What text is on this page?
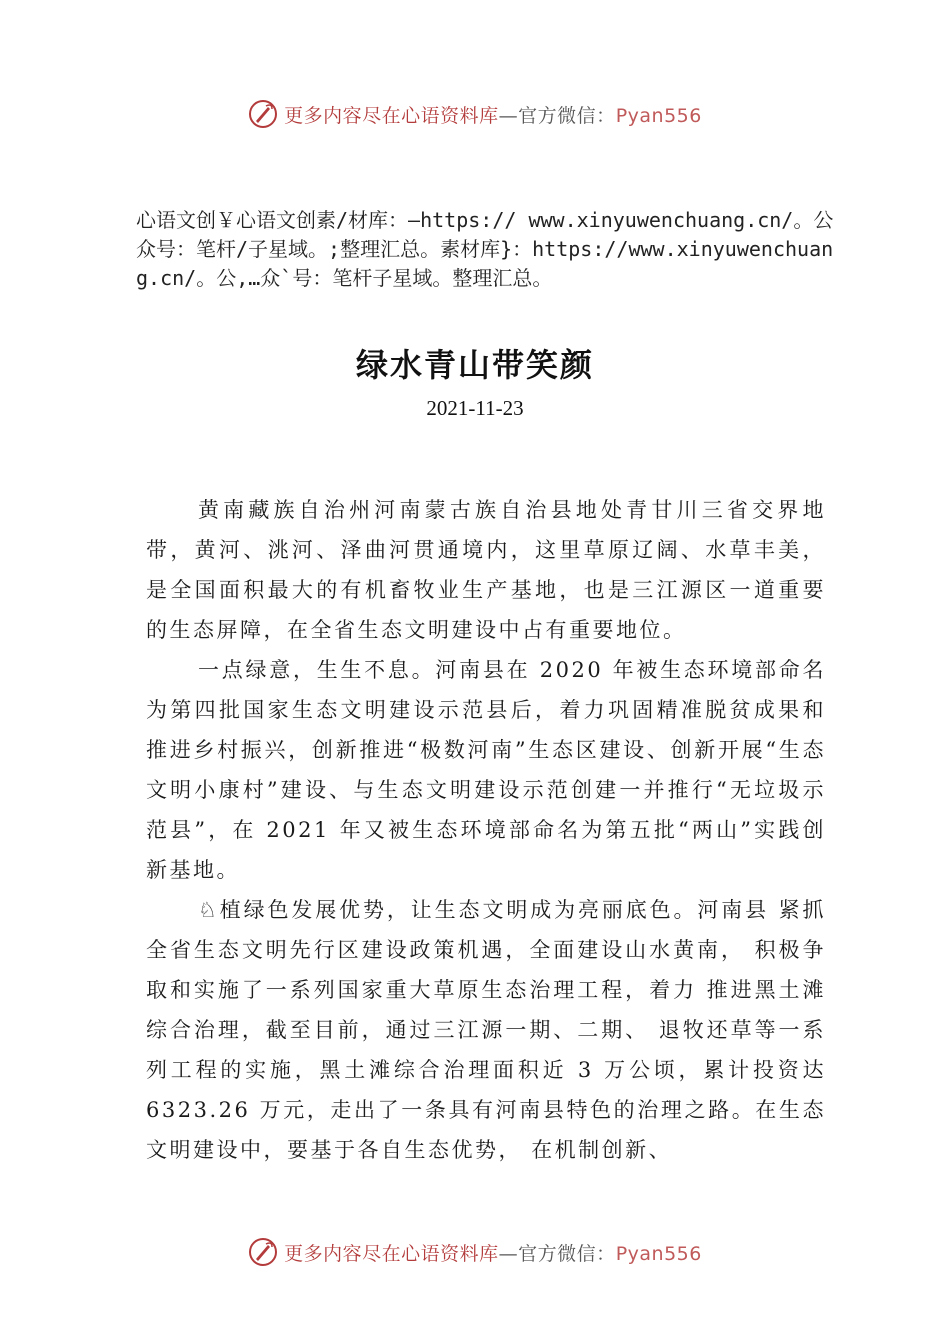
更多内容尽在心语资料库—官方微信：Pyan556
心语文创￥心语文创素/材库：—https:// www.xinyuwenchuang.cn/。公众号：笔杆/子星域。;整理汇总。素材库}：https://www.xinyuwenchuang.cn/。公,…众`号：笔杆子星域。整理汇总。
绿水青山带笑颜
2021-11-23

黄南藏族自治州河南蒙古族自治县地处青甘川三省交界地带，黄河、洮河、泽曲河贯通境内，这里草原辽阔、水草丰美，是全国面积最大的有机畜牧业生产基地，也是三江源区一道重要的生态屏障，在全省生态文明建设中占有重要地位。

一点绿意，生生不息。河南县在 2020 年被生态环境部命名为第四批国家生态文明建设示范县后，着力巩固精准脱贫成果和推进乡村振兴，创新推进“极数河南”生态区建设、创新开展“生态文明小康村”建设、与生态文明建设示范创建一并推行“无垃圾示范县”，在 2021 年又被生态环境部命名为第五批“两山”实践创新基地。

♘植绿色发展优势，让生态文明成为亮丽底色。河南县 紧抓全省生态文明先行区建设政策机遇，全面建设山水黄南， 积极争取和实施了一系列国家重大草原生态治理工程，着力 推进黑土滩综合治理，截至目前，通过三江源一期、二期、 退牧还草等一系列工程的实施，黑土滩综合治理面积近 3 万公顷，累计投资达 6323.26 万元，走出了一条具有河南县特色的治理之路。在生态文明建设中，要基于各自生态优势， 在机制创新、

更多内容尽在心语资料库—官方微信：Pyan556
